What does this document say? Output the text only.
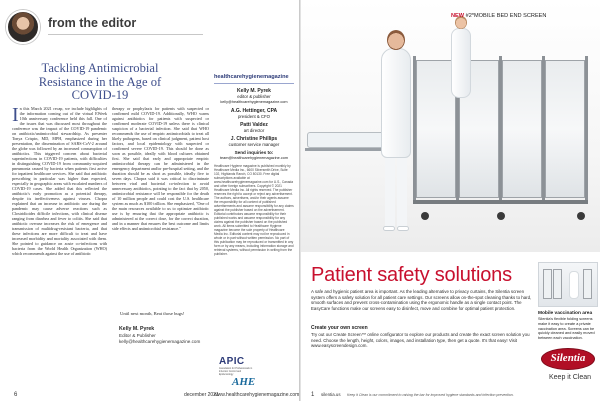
from the editor
Tackling Antimicrobial Resistance in the Age of COVID-19

In this March 2021 recap, we include highlights of the information coming out of the virtual EWeek 10th anniversary conference held this fall. One of the issues that was discussed most throughout the conference was the impact of the COVID-19 pandemic on antibiotic/antimicrobial stewardship. As presenter Tonya Crispin, MD, MPH, emphasized during her presentation, the dissemination of SARS-CoV-2 around the globe was followed by an increased consumption of antibiotics. This triggered concern about bacterial superinfections in COVID-19 patients, with difficulties in distinguishing COVID-19 from community-acquired pneumonia caused by bacteria when patients first arrive for inpatient healthcare services. She said that antibiotic prescribing in particular was higher than expected, especially in geographic areas with escalated numbers of COVID-19 cases. She added that this reflected the antibiotic's early promotion as a potential therapy, despite its ineffectiveness against viruses. Chopra explained that an increase in antibiotic use during the pandemic may cause adverse reactions such as Clostridioides difficile infections, with clinical disease ranging from diarrhea and fever to colitis. She said that antibiotic overuse increases the risk of emergence and transmission of multidrug-resistant bacteria, and that these infections are more difficult to treat and have increased morbidity and mortality associated with them. She pointed to guidance on acute co-infections with bacteria from the World Health Organization (WHO) which recommends against the use of antibiotic

therapy or prophylaxis for patients with suspected or confirmed mild COVID-19. Additionally, WHO warns against antibiotics for patients with suspected or confirmed moderate COVID-19 unless there is clinical suspicion of a bacterial infection. She said that WHO recommends the use of empiric antimicrobials to treat all likely pathogens, based on clinical judgment, patient host factors, and local epidemiology with suspected or confirmed severe COVID-19. This should be done as soon as possible, ideally with blood cultures obtained first. She said that early and appropriate empiric antimicrobial therapy can be administered in the emergency department and/or pre-hospital setting, and the duration should be as short as possible, ideally five to seven days. Chopra said it was critical to discriminate between viral and bacterial co-infection to avoid unnecessary antibiotics, pointing to the fact that by 2050, antimicrobial resistance will be responsible for the death of 10 million people and could cost the U.S. healthcare system as much as $100 trillion. She emphasized, "One of the main resources available to us to optimize antibiotic use is by ensuring that the appropriate antibiotic is administered at the correct dose, for the correct duration, and in a manner that ensures the best outcome and limits side effects and antimicrobial resistance."

Until next month, Beat those bugs!
Kelly M. Pyrek
Editor & Publisher
kelly@healthcarehygienemagazine.com
healthcarehygienemagazine
Kelly M. Pyrek
editor & publisher
kelly@healthcarehygienemagazine.com
A.G. Hettinger, CPA
president & CFO
Patti Valdez
art director
J. Christine Phillips
customer service manager
Send inquiries to:
team@healthcarehygienemagazine.com
Healthcare Hygiene magazine is published monthly by Healthcare Media Inc., 6600 Silversmith Drive, Suite 102, Highlands Ranch, CO 80130. Free digital subscriptions available at www.healthcarehygienemagazine.com for U.S., Canada and other foreign subscribers. Copyright © 2021 Healthcare Media Inc. All rights reserved. The publisher reserves the right to accept or reject any advertisement. The authors, advertisers, and/or their agents assume the responsibility for all content of published advertisements and assume responsibility for any claims against the publisher based on the advertisement. Editorial contributors assume responsibility for their published works and assume responsibility for any claims against the publisher based on the published work. All items submitted to Healthcare Hygiene magazine become the sole property of Healthcare Media Inc. Editorial content may not be reproduced in whole or in part without written permission. No part of this publication may be reproduced or transmitted in any form or by any means, including information storage and retrieval systems, without permission in writing from the publisher.
APIC
Association for Professionals in Infection Control and Epidemiology
AHE
6	december 2021
www.healthcarehygienemagazine.com
NEW #2*MOBILE BED END SCREEN
Patient safety solutions
A safe and hygienic patient area is important. As the leading alternative to privacy curtains, the Silentia screen system offers a safety solution for all patient care settings. Our screens allow on-the-spot cleaning thanks to hard, smooth surfaces and prevent cross-contamination using the ergonomic handle as a single contact point. The EasyCare functions make our screens easy to disinfect, move and combine for optimal patient protection.
Create your own screen
Try out our Create Screen™ online configurator to explore our products and create the exact screen solution you need. Choose the length, height, colors, images, and installation type, then get a quote. It's that easy! Visit www.easyscreendesign.com.
Mobile vaccination area
Silentia's flexible folding screens make it easy to create a private vaccination area. Screens can be quickly cleaned and easily moved between each vaccination.
Silentia
Keep it Clean
1 silentia.us Keep it Clean is our commitment to raising the bar for improved hygiene standards and infection prevention.
